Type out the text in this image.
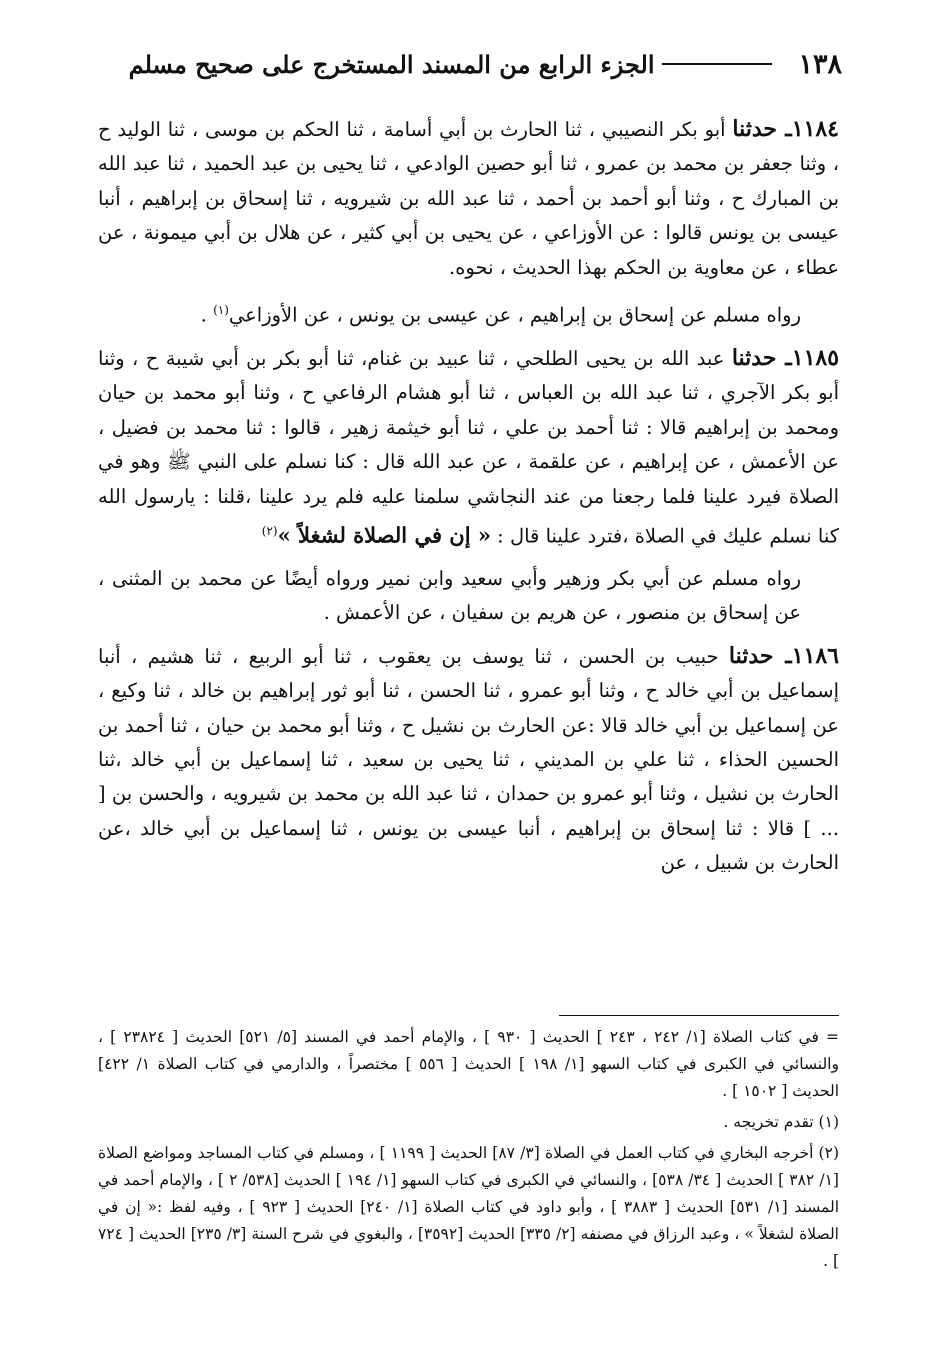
١٣٨
الجزء الرابع من المسند المستخرج على صحيح مسلم

١١٨٤ـ حدثنا أبو بكر النصيبي ، ثنا الحارث بن أبي أسامة ، ثنا الحكم بن موسى ، ثنا الوليد ح ، وثنا جعفر بن محمد بن عمرو ، ثنا أبو حصين الوادعي ، ثنا يحيى بن عبد الحميد ، ثنا عبد الله بن المبارك ح ، وثنا أبو أحمد بن أحمد ، ثنا عبد الله بن شيرويه ، ثنا إسحاق بن إبراهيم ، أنبا عيسى بن يونس قالوا : عن الأوزاعي ، عن يحيى بن أبي كثير ، عن هلال بن أبي ميمونة ، عن عطاء ، عن معاوية بن الحكم بهذا الحديث ، نحوه.

رواه مسلم عن إسحاق بن إبراهيم ، عن عيسى بن يونس ، عن الأوزاعي$^{(١)}$ .

١١٨٥ـ حدثنا عبد الله بن يحيى الطلحي ، ثنا عبيد بن غنام، ثنا أبو بكر بن أبي شيبة ح ، وثنا أبو بكر الآجري ، ثنا عبد الله بن العباس ، ثنا أبو هشام الرفاعي ح ، وثنا أبو محمد بن حيان ومحمد بن إبراهيم قالا : ثنا أحمد بن علي ، ثنا أبو خيثمة زهير ، قالوا : ثنا محمد بن فضيل ، عن الأعمش ، عن إبراهيم ، عن علقمة ، عن عبد الله قال : كنا نسلم على النبي ﷺ وهو في الصلاة فيرد علينا فلما رجعنا من عند النجاشي سلمنا عليه فلم يرد علينا ،قلنا : يارسول الله كنا نسلم عليك في الصلاة ،فترد علينا قال : « إن في الصلاة لشغلاً »$^{(٢)}$

رواه مسلم عن أبي بكر وزهير وأبي سعيد وابن نمير ورواه أيضًا عن محمد بن المثنى ، عن إسحاق بن منصور ، عن هريم بن سفيان ، عن الأعمش .

١١٨٦ـ حدثنا حبيب بن الحسن ، ثنا يوسف بن يعقوب ، ثنا أبو الربيع ، ثنا هشيم ، أنبا إسماعيل بن أبي خالد ح ، وثنا أبو عمرو ، ثنا الحسن ، ثنا أبو ثور إبراهيم بن خالد ، ثنا وكيع ، عن إسماعيل بن أبي خالد قالا :عن الحارث بن نشيل ح ، وثنا أبو محمد بن حيان ، ثنا أحمد بن الحسين الحذاء ، ثنا علي بن المديني ، ثنا يحيى بن سعيد ، ثنا إسماعيل بن أبي خالد ،ثنا الحارث بن نشيل ، وثنا أبو عمرو بن حمدان ، ثنا عبد الله بن محمد بن شيرويه ، والحسن بن [ ... ] قالا : ثنا إسحاق بن إبراهيم ، أنبا عيسى بن يونس ، ثنا إسماعيل بن أبي خالد ،عن الحارث بن شبيل ، عن

= في كتاب الصلاة [١/ ٢٤٢ ، ٢٤٣ ] الحديث [ ٩٣٠ ] ، والإمام أحمد في المسند [٥/ ٥٢١] الحديث [ ٢٣٨٢٤ ] ، والنسائي في الكبرى في كتاب السهو [١/ ١٩٨ ] الحديث [ ٥٥٦ ] مختصراً ، والدارمي في كتاب الصلاة ١/ ٤٢٢] الحديث [ ١٥٠٢ ] .

(١) تقدم تخريجه .

(٢) أخرجه البخاري في كتاب العمل في الصلاة [٣/ ٨٧] الحديث [ ١١٩٩ ] ، ومسلم في كتاب المساجد ومواضع الصلاة [١/ ٣٨٢ ] الحديث [ ٣٤/ ٥٣٨] ، والنسائي في الكبرى في كتاب السهو [١/ ١٩٤ ] الحديث [٥٣٨/ ٢ ] ، والإمام أحمد في المسند [١/ ٥٣١] الحديث [ ٣٨٨٣ ] ، وأبو داود في كتاب الصلاة [١/ ٢٤٠] الحديث [ ٩٢٣ ] ، وفيه لفظ :« إن في الصلاة لشغلاً » ، وعبد الرزاق في مصنفه [٢/ ٣٣٥] الحديث [٣٥٩٢] ، والبغوي في شرح السنة [٣/ ٢٣٥] الحديث [ ٧٢٤ ] .
